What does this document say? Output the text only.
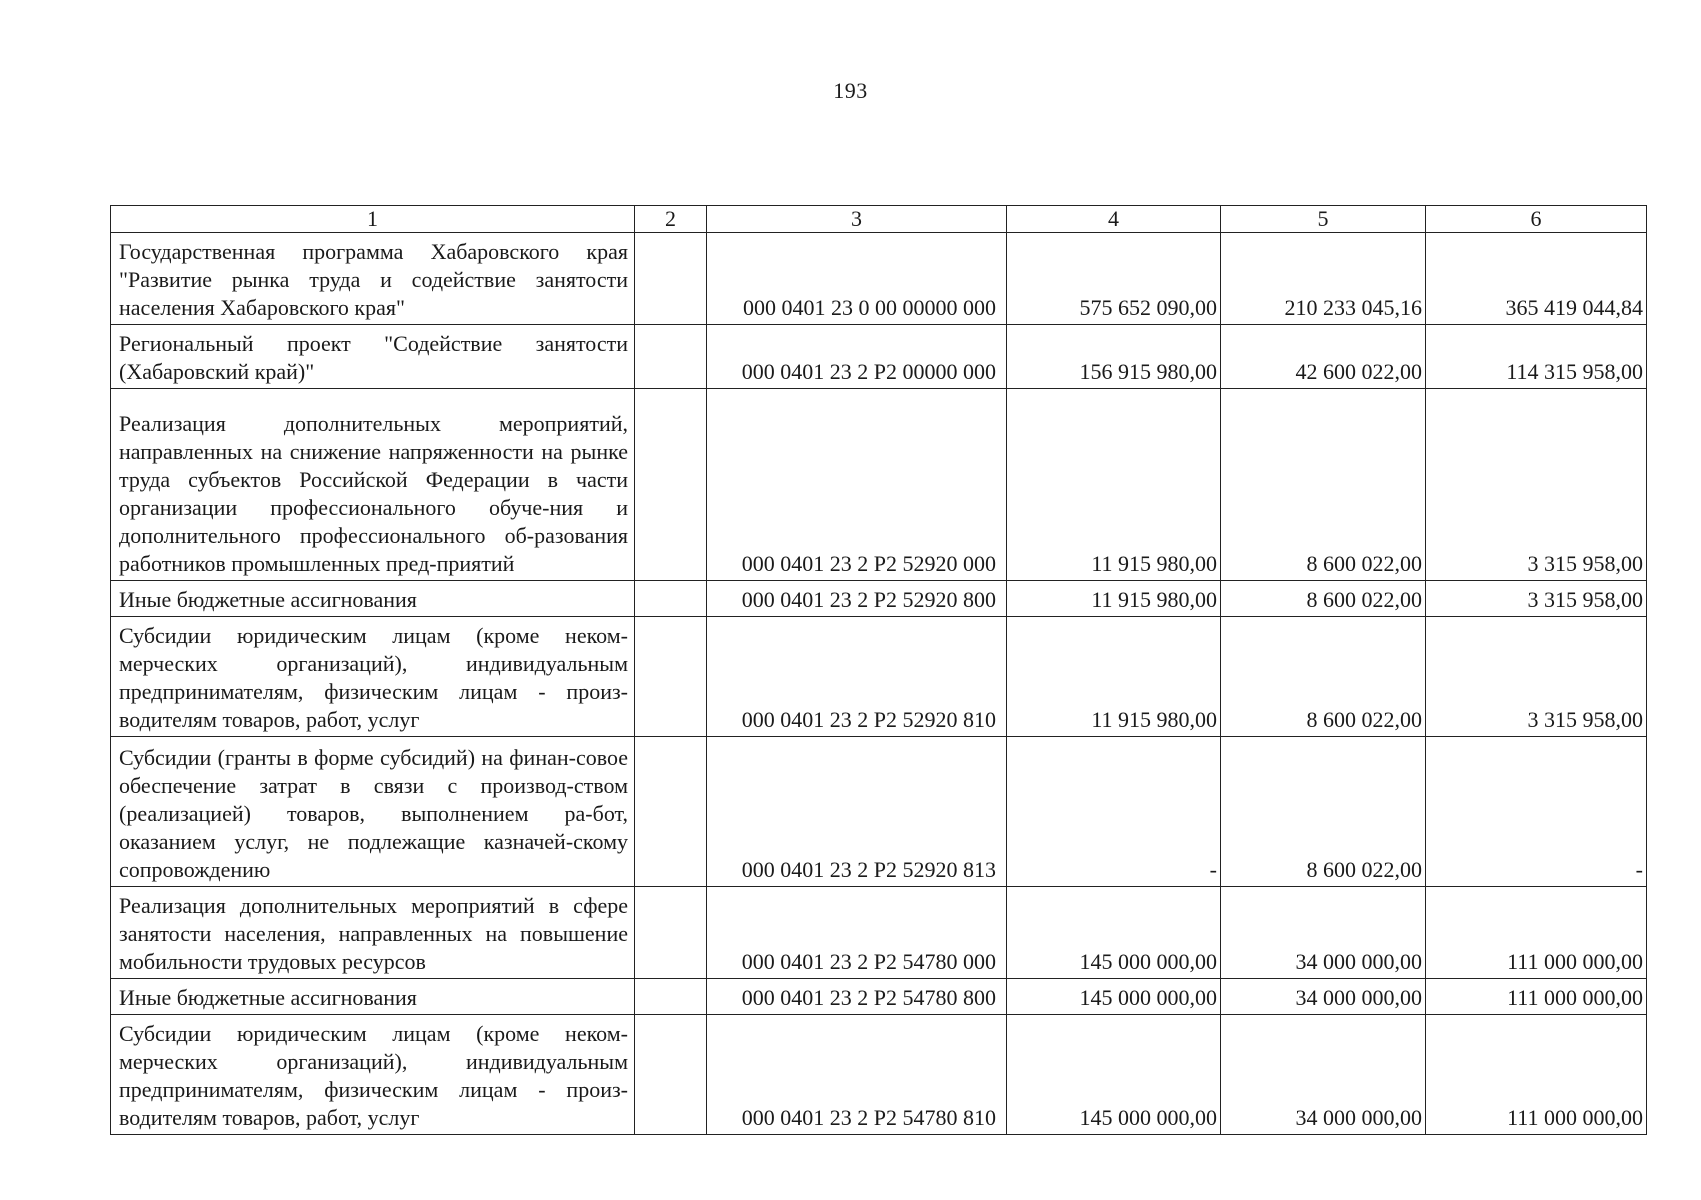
193
1	2	3	4	5	6
Государственная программа Хабаровского края "Развитие рынка труда и содействие занятости населения Хабаровского края"		000 0401 23 0 00 00000 000	575 652 090,00	210 233 045,16	365 419 044,84
Региональный проект "Содействие занятости (Хабаровский край)"		000 0401 23 2 P2 00000 000	156 915 980,00	42 600 022,00	114 315 958,00
Реализация дополнительных мероприятий, направленных на снижение напряженности на рынке труда субъектов Российской Федерации в части организации профессионального обуче-ния и дополнительного профессионального об-разования работников промышленных пред-приятий		000 0401 23 2 P2 52920 000	11 915 980,00	8 600 022,00	3 315 958,00
Иные бюджетные ассигнования		000 0401 23 2 P2 52920 800	11 915 980,00	8 600 022,00	3 315 958,00
Субсидии юридическим лицам (кроме неком-мерческих организаций), индивидуальным предпринимателям, физическим лицам - произ-водителям товаров, работ, услуг		000 0401 23 2 P2 52920 810	11 915 980,00	8 600 022,00	3 315 958,00
Субсидии (гранты в форме субсидий) на финан-совое обеспечение затрат в связи с производ-ством (реализацией) товаров, выполнением ра-бот, оказанием услуг, не подлежащие казначей-скому сопровождению		000 0401 23 2 P2 52920 813	-	8 600 022,00	-
Реализация дополнительных мероприятий в сфере занятости населения, направленных на повышение мобильности трудовых ресурсов		000 0401 23 2 P2 54780 000	145 000 000,00	34 000 000,00	111 000 000,00
Иные бюджетные ассигнования		000 0401 23 2 P2 54780 800	145 000 000,00	34 000 000,00	111 000 000,00
Субсидии юридическим лицам (кроме неком-мерческих организаций), индивидуальным предпринимателям, физическим лицам - произ-водителям товаров, работ, услуг		000 0401 23 2 P2 54780 810	145 000 000,00	34 000 000,00	111 000 000,00
